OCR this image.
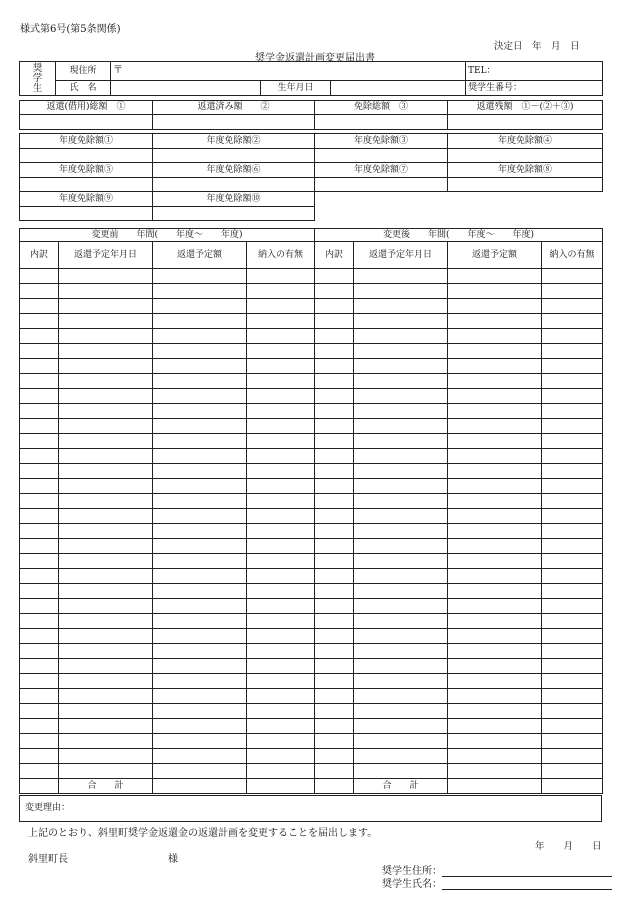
様式第6号(第5条関係)
決定日　年　月　日
奨学金返還計画変更届出書
奨学生	現住所	〒			TEL：
	氏　名		生年月日		奨学生番号：
返還(借用)総額　①	返還済み額　　②	免除総額　③	返還残額　①－(②＋③)

年度免除額①	年度免除額②	年度免除額③	年度免除額④

年度免除額⑤	年度免除額⑥	年度免除額⑦	年度免除額⑧

年度免除額⑨	年度免除額⑩		

変更前　　年間(　　年度～　　年度)				変更後　　年間(　　年度～　　年度)			
内訳	返還予定年月日	返還予定額	納入の有無	内訳	返還予定年月日	返還予定額	納入の有無

	合　　計				合　　計		
変更理由：
上記のとおり、斜里町奨学金返還金の返還計画を変更することを届出します。
年　　月　　日
斜里町長	様
奨学生住所：
奨学生氏名：
